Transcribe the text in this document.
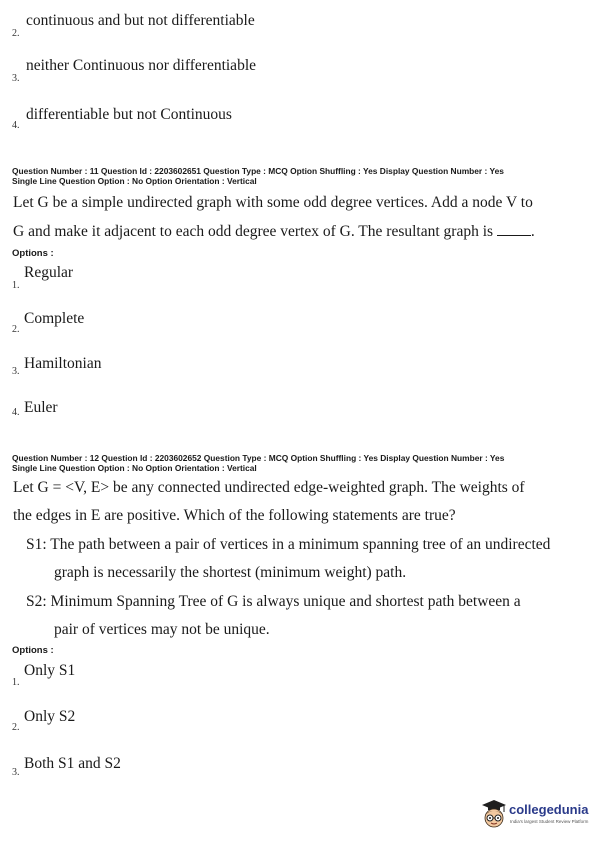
2.
continuous and but not differentiable
3.
neither Continuous nor differentiable
4.
differentiable but not Continuous
Question Number : 11 Question Id : 2203602651 Question Type : MCQ Option Shuffling : Yes Display Question Number : Yes
Single Line Question Option : No Option Orientation : Vertical
Let G be a simple undirected graph with some odd degree vertices. Add a node V to
G and make it adjacent to each odd degree vertex of G. The resultant graph is .
Options :
1.
Regular
2.
Complete
3. Hamiltonian
4. Euler
Question Number : 12 Question Id : 2203602652 Question Type : MCQ Option Shuffling : Yes Display Question Number : Yes
Single Line Question Option : No Option Orientation : Vertical
Let G = <V, E> be any connected undirected edge-weighted graph. The weights of
the edges in E are positive. Which of the following statements are true?
S1: The path between a pair of vertices in a minimum spanning tree of an undirected
graph is necessarily the shortest (minimum weight) path.
S2: Minimum Spanning Tree of G is always unique and shortest path between a
pair of vertices may not be unique.
Options :
1.
Only S1
2.
Only S2
3.
Both S1 and S2
collegedunia
India's largest Student Review Platform
